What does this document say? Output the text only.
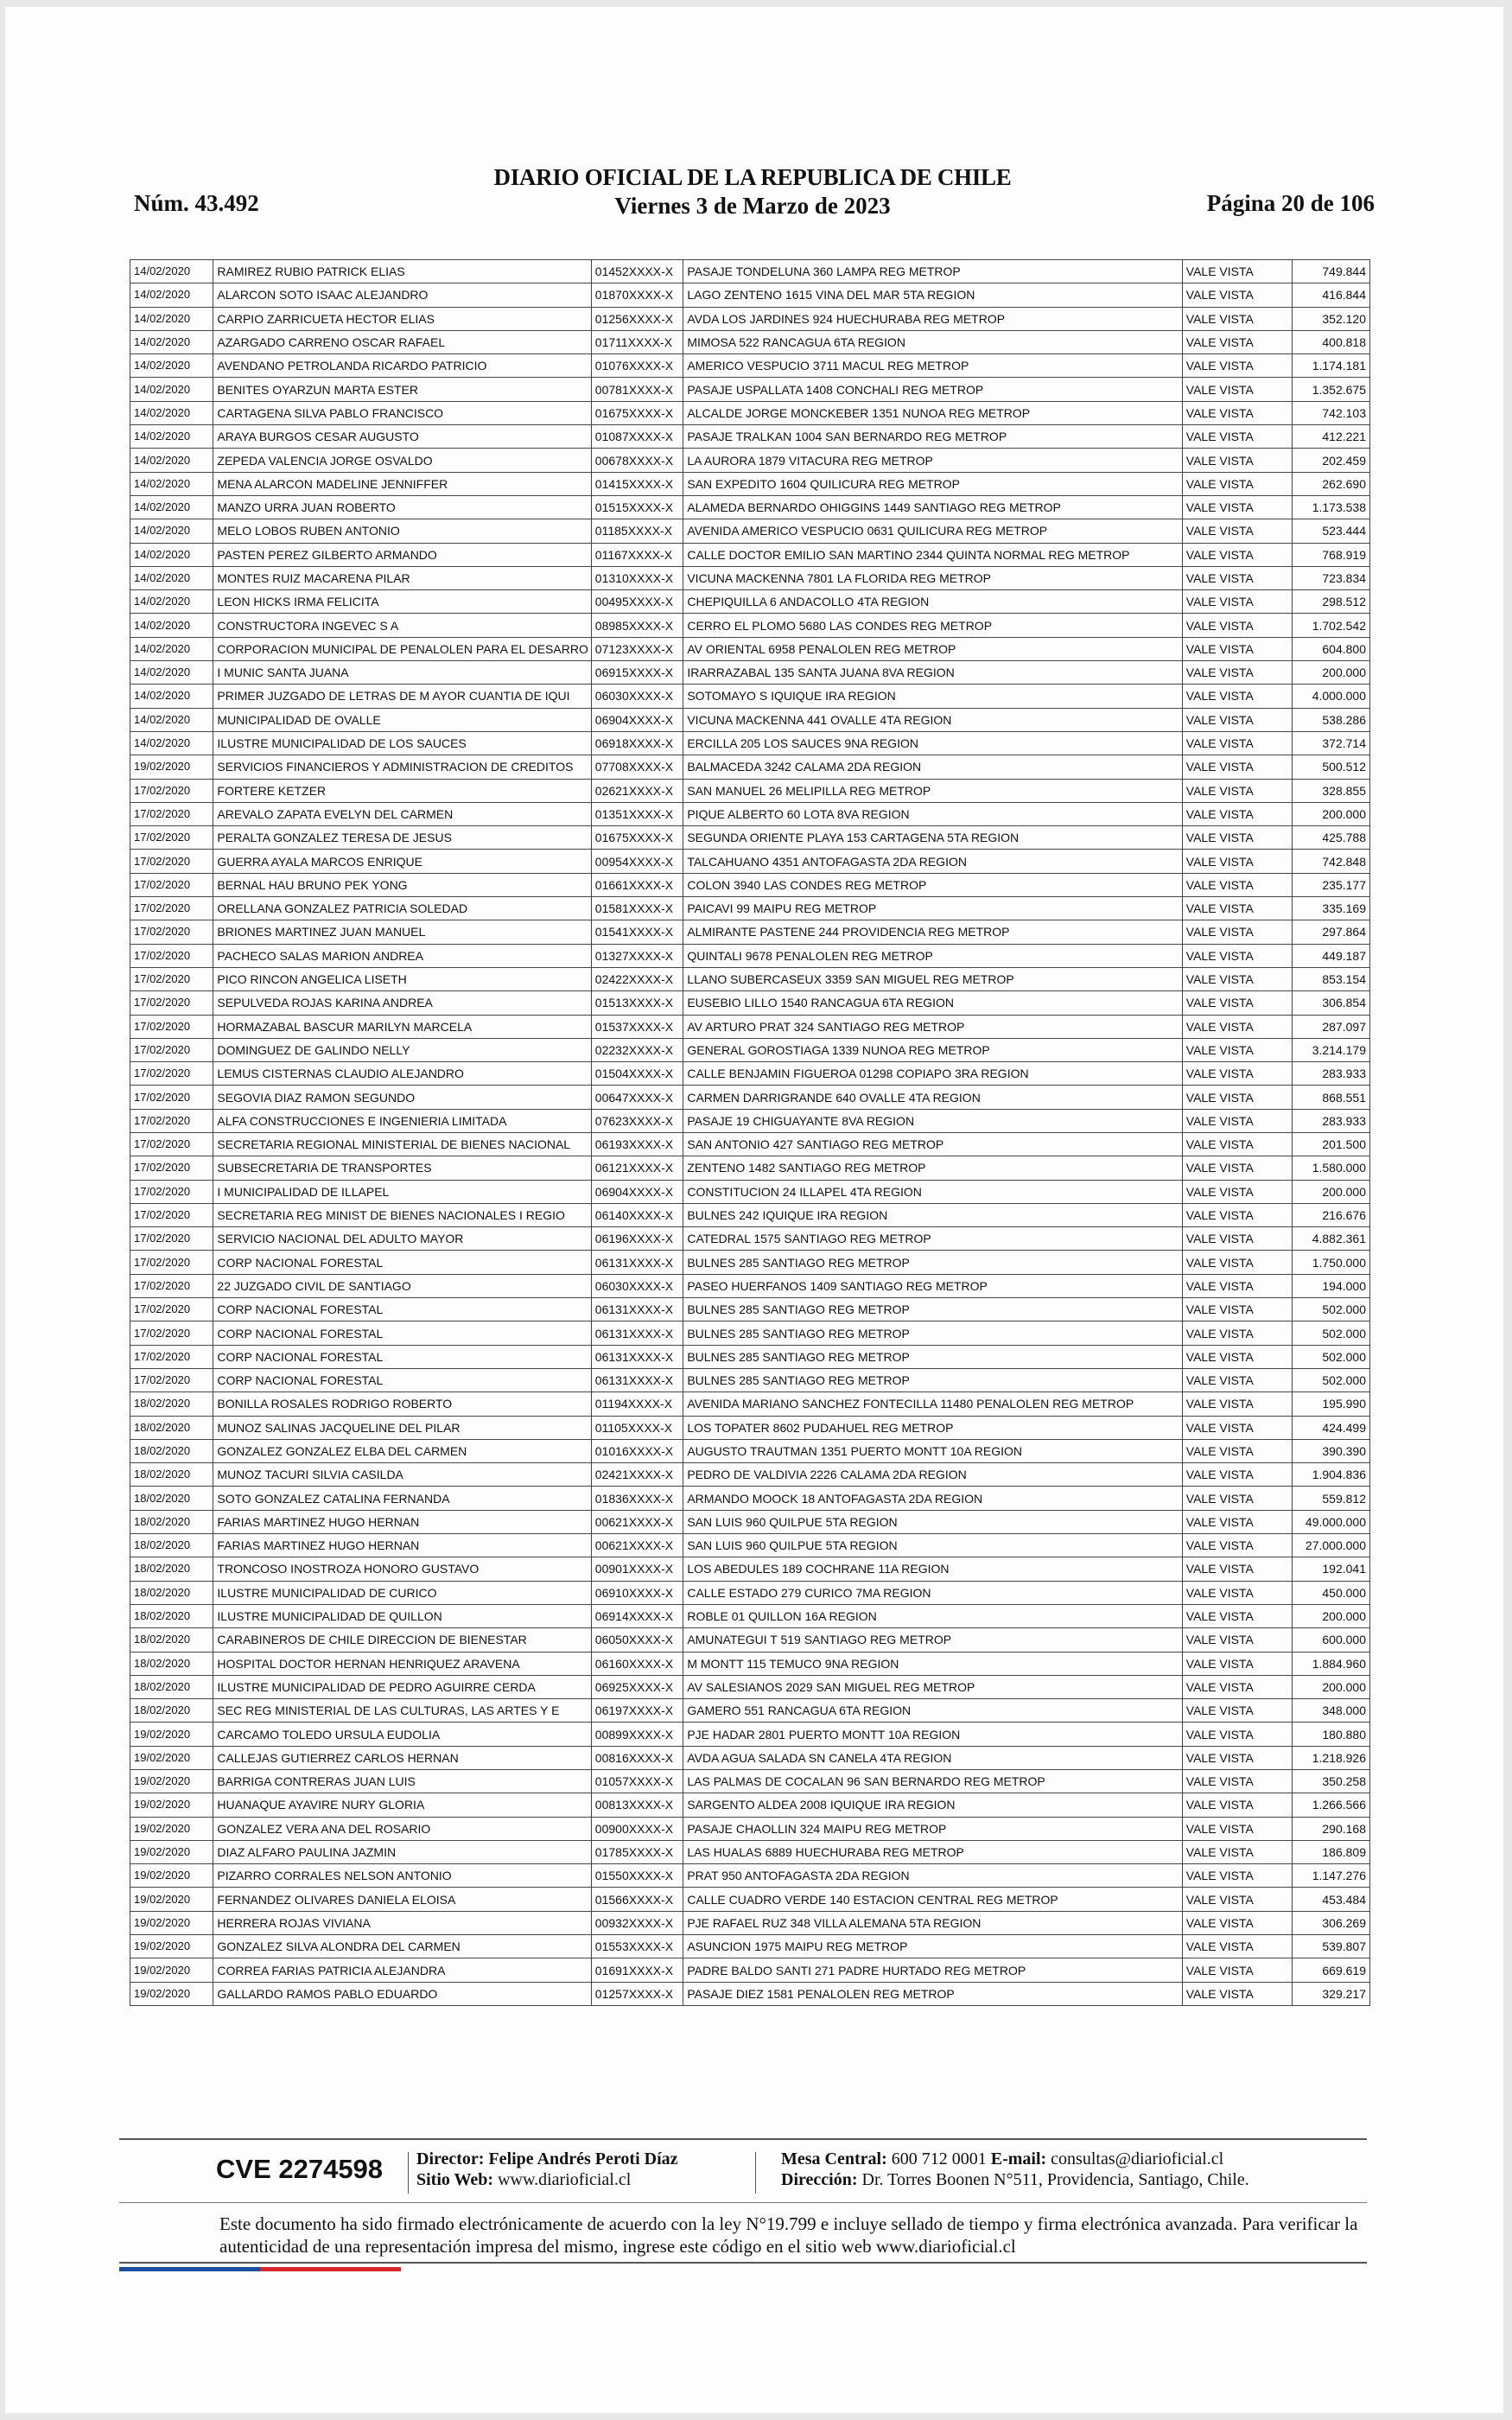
Núm. 43.492
DIARIO OFICIAL DE LA REPUBLICA DE CHILE
Viernes 3 de Marzo de 2023	Página 20 de 106
14/02/2020	RAMIREZ RUBIO PATRICK ELIAS	01452XXXX-X	PASAJE TONDELUNA 360 LAMPA REG METROP	VALE VISTA	749.844
14/02/2020	ALARCON SOTO ISAAC ALEJANDRO	01870XXXX-X	LAGO ZENTENO 1615 VINA DEL MAR 5TA REGION	VALE VISTA	416.844
14/02/2020	CARPIO ZARRICUETA HECTOR ELIAS	01256XXXX-X	AVDA LOS JARDINES 924 HUECHURABA REG METROP	VALE VISTA	352.120
14/02/2020	AZARGADO CARRENO OSCAR RAFAEL	01711XXXX-X	MIMOSA 522 RANCAGUA 6TA REGION	VALE VISTA	400.818
14/02/2020	AVENDANO PETROLANDA RICARDO PATRICIO	01076XXXX-X	AMERICO VESPUCIO 3711 MACUL REG METROP	VALE VISTA	1.174.181
14/02/2020	BENITES OYARZUN MARTA ESTER	00781XXXX-X	PASAJE USPALLATA 1408 CONCHALI REG METROP	VALE VISTA	1.352.675
14/02/2020	CARTAGENA SILVA PABLO FRANCISCO	01675XXXX-X	ALCALDE JORGE MONCKEBER 1351 NUNOA REG METROP	VALE VISTA	742.103
14/02/2020	ARAYA BURGOS CESAR AUGUSTO	01087XXXX-X	PASAJE TRALKAN 1004 SAN BERNARDO REG METROP	VALE VISTA	412.221
14/02/2020	ZEPEDA VALENCIA JORGE OSVALDO	00678XXXX-X	LA AURORA 1879 VITACURA REG METROP	VALE VISTA	202.459
14/02/2020	MENA ALARCON MADELINE JENNIFFER	01415XXXX-X	SAN EXPEDITO 1604 QUILICURA REG METROP	VALE VISTA	262.690
14/02/2020	MANZO URRA JUAN ROBERTO	01515XXXX-X	ALAMEDA BERNARDO OHIGGINS 1449 SANTIAGO REG METROP	VALE VISTA	1.173.538
14/02/2020	MELO LOBOS RUBEN ANTONIO	01185XXXX-X	AVENIDA AMERICO VESPUCIO 0631 QUILICURA REG METROP	VALE VISTA	523.444
14/02/2020	PASTEN PEREZ GILBERTO ARMANDO	01167XXXX-X	CALLE DOCTOR EMILIO SAN MARTINO 2344 QUINTA NORMAL REG METROP	VALE VISTA	768.919
14/02/2020	MONTES RUIZ MACARENA PILAR	01310XXXX-X	VICUNA MACKENNA 7801 LA FLORIDA REG METROP	VALE VISTA	723.834
14/02/2020	LEON HICKS IRMA FELICITA	00495XXXX-X	CHEPIQUILLA 6 ANDACOLLO 4TA REGION	VALE VISTA	298.512
14/02/2020	CONSTRUCTORA INGEVEC S A	08985XXXX-X	CERRO EL PLOMO 5680 LAS CONDES REG METROP	VALE VISTA	1.702.542
14/02/2020	CORPORACION MUNICIPAL DE PENALOLEN PARA EL DESARRO	07123XXXX-X	AV ORIENTAL 6958 PENALOLEN REG METROP	VALE VISTA	604.800
14/02/2020	I MUNIC SANTA JUANA	06915XXXX-X	IRARRAZABAL 135 SANTA JUANA 8VA REGION	VALE VISTA	200.000
14/02/2020	PRIMER JUZGADO DE LETRAS DE M AYOR CUANTIA DE IQUI	06030XXXX-X	SOTOMAYO S IQUIQUE IRA REGION	VALE VISTA	4.000.000
14/02/2020	MUNICIPALIDAD DE OVALLE	06904XXXX-X	VICUNA MACKENNA 441 OVALLE 4TA REGION	VALE VISTA	538.286
14/02/2020	ILUSTRE MUNICIPALIDAD DE LOS SAUCES	06918XXXX-X	ERCILLA 205 LOS SAUCES 9NA REGION	VALE VISTA	372.714
19/02/2020	SERVICIOS FINANCIEROS Y ADMINISTRACION DE CREDITOS	07708XXXX-X	BALMACEDA 3242 CALAMA 2DA REGION	VALE VISTA	500.512
17/02/2020	FORTERE KETZER	02621XXXX-X	SAN MANUEL 26 MELIPILLA REG METROP	VALE VISTA	328.855
17/02/2020	AREVALO ZAPATA EVELYN DEL CARMEN	01351XXXX-X	PIQUE ALBERTO 60 LOTA 8VA REGION	VALE VISTA	200.000
17/02/2020	PERALTA GONZALEZ TERESA DE JESUS	01675XXXX-X	SEGUNDA ORIENTE PLAYA 153 CARTAGENA 5TA REGION	VALE VISTA	425.788
17/02/2020	GUERRA AYALA MARCOS ENRIQUE	00954XXXX-X	TALCAHUANO 4351 ANTOFAGASTA 2DA REGION	VALE VISTA	742.848
17/02/2020	BERNAL HAU BRUNO PEK YONG	01661XXXX-X	COLON 3940 LAS CONDES REG METROP	VALE VISTA	235.177
17/02/2020	ORELLANA GONZALEZ PATRICIA SOLEDAD	01581XXXX-X	PAICAVI 99 MAIPU REG METROP	VALE VISTA	335.169
17/02/2020	BRIONES MARTINEZ JUAN MANUEL	01541XXXX-X	ALMIRANTE PASTENE 244 PROVIDENCIA REG METROP	VALE VISTA	297.864
17/02/2020	PACHECO SALAS MARION ANDREA	01327XXXX-X	QUINTALI 9678 PENALOLEN REG METROP	VALE VISTA	449.187
17/02/2020	PICO RINCON ANGELICA LISETH	02422XXXX-X	LLANO SUBERCASEUX 3359 SAN MIGUEL REG METROP	VALE VISTA	853.154
17/02/2020	SEPULVEDA ROJAS KARINA ANDREA	01513XXXX-X	EUSEBIO LILLO 1540 RANCAGUA 6TA REGION	VALE VISTA	306.854
17/02/2020	HORMAZABAL BASCUR MARILYN MARCELA	01537XXXX-X	AV ARTURO PRAT 324 SANTIAGO REG METROP	VALE VISTA	287.097
17/02/2020	DOMINGUEZ DE GALINDO NELLY	02232XXXX-X	GENERAL GOROSTIAGA 1339 NUNOA REG METROP	VALE VISTA	3.214.179
17/02/2020	LEMUS CISTERNAS CLAUDIO ALEJANDRO	01504XXXX-X	CALLE BENJAMIN FIGUEROA 01298 COPIAPO 3RA REGION	VALE VISTA	283.933
17/02/2020	SEGOVIA DIAZ RAMON SEGUNDO	00647XXXX-X	CARMEN DARRIGRANDE 640 OVALLE 4TA REGION	VALE VISTA	868.551
17/02/2020	ALFA CONSTRUCCIONES E INGENIERIA LIMITADA	07623XXXX-X	PASAJE 19 CHIGUAYANTE 8VA REGION	VALE VISTA	283.933
17/02/2020	SECRETARIA REGIONAL MINISTERIAL DE BIENES NACIONAL	06193XXXX-X	SAN ANTONIO 427 SANTIAGO REG METROP	VALE VISTA	201.500
17/02/2020	SUBSECRETARIA DE TRANSPORTES	06121XXXX-X	ZENTENO 1482 SANTIAGO REG METROP	VALE VISTA	1.580.000
17/02/2020	I MUNICIPALIDAD DE ILLAPEL	06904XXXX-X	CONSTITUCION 24 ILLAPEL 4TA REGION	VALE VISTA	200.000
17/02/2020	SECRETARIA REG MINIST DE BIENES NACIONALES I REGIO	06140XXXX-X	BULNES 242 IQUIQUE IRA REGION	VALE VISTA	216.676
17/02/2020	SERVICIO NACIONAL DEL ADULTO MAYOR	06196XXXX-X	CATEDRAL 1575 SANTIAGO REG METROP	VALE VISTA	4.882.361
17/02/2020	CORP NACIONAL FORESTAL	06131XXXX-X	BULNES 285 SANTIAGO REG METROP	VALE VISTA	1.750.000
17/02/2020	22 JUZGADO CIVIL DE SANTIAGO	06030XXXX-X	PASEO HUERFANOS 1409 SANTIAGO REG METROP	VALE VISTA	194.000
17/02/2020	CORP NACIONAL FORESTAL	06131XXXX-X	BULNES 285 SANTIAGO REG METROP	VALE VISTA	502.000
17/02/2020	CORP NACIONAL FORESTAL	06131XXXX-X	BULNES 285 SANTIAGO REG METROP	VALE VISTA	502.000
17/02/2020	CORP NACIONAL FORESTAL	06131XXXX-X	BULNES 285 SANTIAGO REG METROP	VALE VISTA	502.000
17/02/2020	CORP NACIONAL FORESTAL	06131XXXX-X	BULNES 285 SANTIAGO REG METROP	VALE VISTA	502.000
18/02/2020	BONILLA ROSALES RODRIGO ROBERTO	01194XXXX-X	AVENIDA MARIANO SANCHEZ FONTECILLA 11480 PENALOLEN REG METROP	VALE VISTA	195.990
18/02/2020	MUNOZ SALINAS JACQUELINE DEL PILAR	01105XXXX-X	LOS TOPATER 8602 PUDAHUEL REG METROP	VALE VISTA	424.499
18/02/2020	GONZALEZ GONZALEZ ELBA DEL CARMEN	01016XXXX-X	AUGUSTO TRAUTMAN 1351 PUERTO MONTT 10A REGION	VALE VISTA	390.390
18/02/2020	MUNOZ TACURI SILVIA CASILDA	02421XXXX-X	PEDRO DE VALDIVIA 2226 CALAMA 2DA REGION	VALE VISTA	1.904.836
18/02/2020	SOTO GONZALEZ CATALINA FERNANDA	01836XXXX-X	ARMANDO MOOCK 18 ANTOFAGASTA 2DA REGION	VALE VISTA	559.812
18/02/2020	FARIAS MARTINEZ HUGO HERNAN	00621XXXX-X	SAN LUIS 960 QUILPUE 5TA REGION	VALE VISTA	49.000.000
18/02/2020	FARIAS MARTINEZ HUGO HERNAN	00621XXXX-X	SAN LUIS 960 QUILPUE 5TA REGION	VALE VISTA	27.000.000
18/02/2020	TRONCOSO INOSTROZA HONORO GUSTAVO	00901XXXX-X	LOS ABEDULES 189 COCHRANE 11A REGION	VALE VISTA	192.041
18/02/2020	ILUSTRE MUNICIPALIDAD DE CURICO	06910XXXX-X	CALLE ESTADO 279 CURICO 7MA REGION	VALE VISTA	450.000
18/02/2020	ILUSTRE MUNICIPALIDAD DE QUILLON	06914XXXX-X	ROBLE 01 QUILLON 16A REGION	VALE VISTA	200.000
18/02/2020	CARABINEROS DE CHILE DIRECCION DE BIENESTAR	06050XXXX-X	AMUNATEGUI T 519 SANTIAGO REG METROP	VALE VISTA	600.000
18/02/2020	HOSPITAL DOCTOR HERNAN HENRIQUEZ ARAVENA	06160XXXX-X	M MONTT 115 TEMUCO 9NA REGION	VALE VISTA	1.884.960
18/02/2020	ILUSTRE MUNICIPALIDAD DE PEDRO AGUIRRE CERDA	06925XXXX-X	AV SALESIANOS 2029 SAN MIGUEL REG METROP	VALE VISTA	200.000
18/02/2020	SEC REG MINISTERIAL DE LAS CULTURAS, LAS ARTES Y E	06197XXXX-X	GAMERO 551 RANCAGUA 6TA REGION	VALE VISTA	348.000
19/02/2020	CARCAMO TOLEDO URSULA EUDOLIA	00899XXXX-X	PJE HADAR 2801 PUERTO MONTT 10A REGION	VALE VISTA	180.880
19/02/2020	CALLEJAS GUTIERREZ CARLOS HERNAN	00816XXXX-X	AVDA AGUA SALADA SN CANELA 4TA REGION	VALE VISTA	1.218.926
19/02/2020	BARRIGA CONTRERAS JUAN LUIS	01057XXXX-X	LAS PALMAS DE COCALAN 96 SAN BERNARDO REG METROP	VALE VISTA	350.258
19/02/2020	HUANAQUE AYAVIRE NURY GLORIA	00813XXXX-X	SARGENTO ALDEA 2008 IQUIQUE IRA REGION	VALE VISTA	1.266.566
19/02/2020	GONZALEZ VERA ANA DEL ROSARIO	00900XXXX-X	PASAJE CHAOLLIN 324 MAIPU REG METROP	VALE VISTA	290.168
19/02/2020	DIAZ ALFARO PAULINA JAZMIN	01785XXXX-X	LAS HUALAS 6889 HUECHURABA REG METROP	VALE VISTA	186.809
19/02/2020	PIZARRO CORRALES NELSON ANTONIO	01550XXXX-X	PRAT 950 ANTOFAGASTA 2DA REGION	VALE VISTA	1.147.276
19/02/2020	FERNANDEZ OLIVARES DANIELA ELOISA	01566XXXX-X	CALLE CUADRO VERDE 140 ESTACION CENTRAL REG METROP	VALE VISTA	453.484
19/02/2020	HERRERA ROJAS VIVIANA	00932XXXX-X	PJE RAFAEL RUZ 348 VILLA ALEMANA 5TA REGION	VALE VISTA	306.269
19/02/2020	GONZALEZ SILVA ALONDRA DEL CARMEN	01553XXXX-X	ASUNCION 1975 MAIPU REG METROP	VALE VISTA	539.807
19/02/2020	CORREA FARIAS PATRICIA ALEJANDRA	01691XXXX-X	PADRE BALDO SANTI 271 PADRE HURTADO REG METROP	VALE VISTA	669.619
19/02/2020	GALLARDO RAMOS PABLO EDUARDO	01257XXXX-X	PASAJE DIEZ 1581 PENALOLEN REG METROP	VALE VISTA	329.217
CVE 2274598 Director: Felipe Andrés Peroti Díaz
Sitio Web: www.diarioficial.cl
Mesa Central: 600 712 0001 E-mail: consultas@diarioficial.cl
Dirección: Dr. Torres Boonen N°511, Providencia, Santiago, Chile.
Este documento ha sido firmado electrónicamente de acuerdo con la ley N°19.799 e incluye sellado de tiempo y firma electrónica avanzada. Para verificar la autenticidad de una representación impresa del mismo, ingrese este código en el sitio web www.diarioficial.cl
